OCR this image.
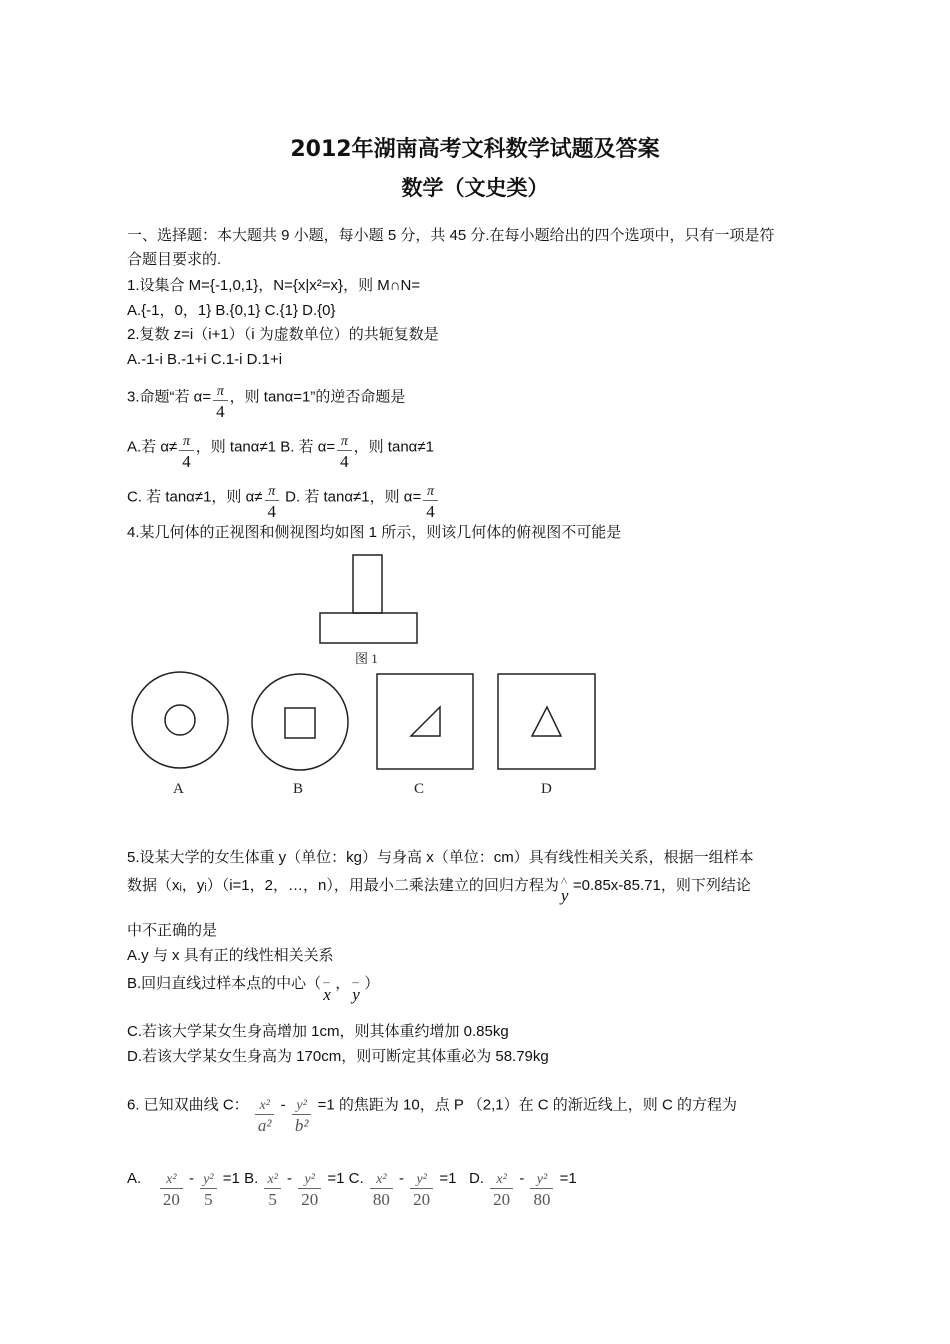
2012年湖南高考文科数学试题及答案
数学（文史类）
一、选择题：本大题共 9 小题，每小题 5 分，共 45 分.在每小题给出的四个选项中，只有一项是符
合题目要求的.
1.设集合 M={-1,0,1}，N={x|x²=x}，则 M∩N=
A.{-1，0，1} B.{0,1} C.{1} D.{0}
2.复数 z=i（i+1）（i 为虚数单位）的共轭复数是
A.-1-i B.-1+i C.1-i D.1+i
3.命题“若 $\alpha= \frac{\pi}{4}$ ，则 tanα=1”的逆否命题是
A.若 $\alpha\ne \frac{\pi}{4}$ ，则 tanα≠1 B. 若 $\alpha= \frac{\pi}{4}$ ，则 tanα≠1
C. 若 tanα≠1，则 $\alpha\ne \frac{\pi}{4} D$. 若 tanα≠1，则 $\alpha= \frac{\pi}{4}$
4.某几何体的正视图和侧视图均如图 1 所示，则该几何体的俯视图不可能是
图 1
A	B	C	D
5.设某大学的女生体重 y（单位：kg）与身高 x（单位：cm）具有线性相关关系，根据一组样本
数据（xᵢ，yᵢ）（i=1，2，…，n），用最小二乘法建立的回归方程为 ^
y
=0.85x-85.71，则下列结论
中不正确的是
A.y 与 x 具有正的线性相关关系
B.回归直线过样本点的中心（ –
x
， –
y
）
C.若该大学某女生身高增加 1cm，则其体重约增加 0.85kg
D.若该大学某女生身高为 170cm，则可断定其体重必为 58.79kg
6. 已知双曲线 C： $\frac{\text{x²}}{\text{a²}} - \frac{\text{y²}}{\text{b²}} =1$ 的焦距为 10，点 P （2,1）在 C 的渐近线上，则 C 的方程为
A. $\frac{\text{x²}}{20} - \frac{\text{y²}}{5} =1$ B. $\frac{\text{x²}}{5} - \frac{\text{y²}}{20} =1$ C. $\frac{\text{x²}}{80} - \frac{\text{y²}}{20} =1$ D. $\frac{\text{x²}}{20} - \frac{\text{y²}}{80} =1$
